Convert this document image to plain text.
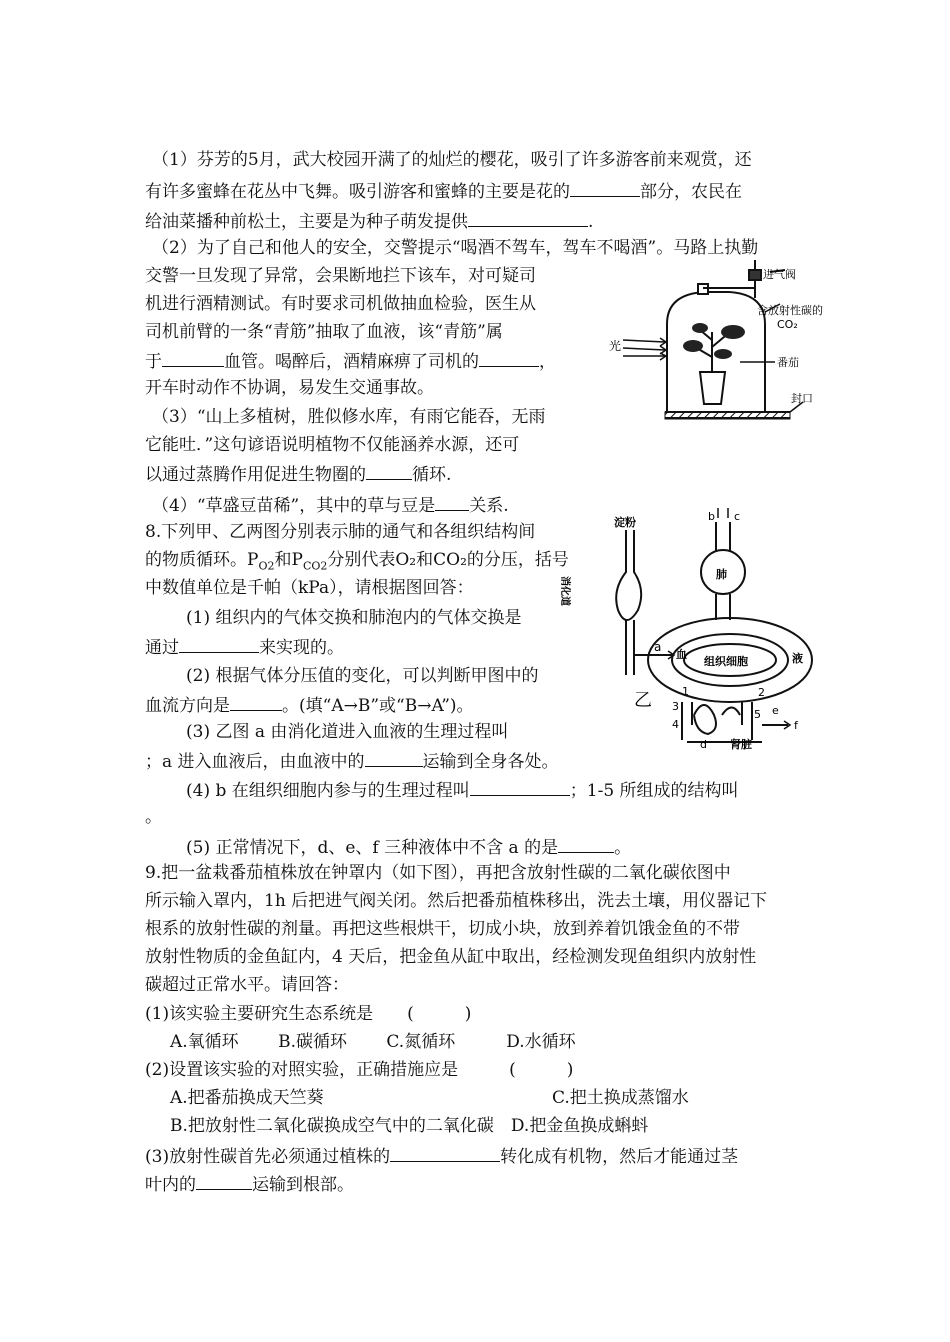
（1）芬芳的5月，武大校园开满了的灿烂的樱花，吸引了许多游客前来观赏，还
有许多蜜蜂在花丛中飞舞。吸引游客和蜜蜂的主要是花的	部分，农民在
给油菜播种前松土，主要是为种子萌发提供	.
（2）为了自己和他人的安全，交警提示“喝酒不驾车，驾车不喝酒”。马路上执勤
交警一旦发现了异常，会果断地拦下该车，对可疑司
机进行酒精测试。有时要求司机做抽血检验，医生从
司机前臂的一条“青筋”抽取了血液，该“青筋”属
于	血管。喝醉后，酒精麻痹了司机的	，
开车时动作不协调，易发生交通事故。
（3）“山上多植树，胜似修水库，有雨它能吞，无雨
它能吐．”这句谚语说明植物不仅能涵养水源，还可
以通过蒸腾作用促进生物圈的	循环.
（4）“草盛豆苗稀”，其中的草与豆是 关系.
8.下列甲、乙两图分别表示肺的通气和各组织结构间
的物质循环。$P_{O2}$和$P_{CO2}$分别代表O₂和CO₂的分压，括号
中数值单位是千帕（kPa），请根据图回答：
(1) 组织内的气体交换和肺泡内的气体交换是
通过	来实现的。
(2) 根据气体分压值的变化，可以判断甲图中的
血流方向是	。(填“A→B”或“B→A”)。
(3) 乙图 a 由消化道进入血液的生理过程叫
；a 进入血液后，由血液中的	运输到全身各处。
(4) b 在组织细胞内参与的生理过程叫	；1-5 所组成的结构叫
。
(5) 正常情况下，d、e、f 三种液体中不含 a 的是	。
9.把一盆栽番茄植株放在钟罩内（如下图），再把含放射性碳的二氧化碳依图中
所示输入罩内，1h 后把进气阀关闭。然后把番茄植株移出，洗去土壤，用仪器记下
根系的放射性碳的剂量。再把这些根烘干，切成小块，放到养着饥饿金鱼的不带
放射性物质的金鱼缸内，4 天后，把金鱼从缸中取出，经检测发现鱼组织内放射性
碳超过正常水平。请回答：
(1)该实验主要研究生态系统是　　(　　　)
A.氧循环　　 B.碳循环　　 C.氮循环　　　D.水循环
(2)设置该实验的对照实验，正确措施应是　　　(　　　)
A.把番茄换成天竺葵	C.把土换成蒸馏水
B.把放射性二氧化碳换成空气中的二氧化碳　D.把金鱼换成蝌蚪
(3)放射性碳首先必须通过植株的	转化成有机物，然后才能通过茎
叶内的	运输到根部。
进气阀
含放射性碳的
CO₂
光
番茄
封口
淀粉
消化道
b c
肺
a
血
组织细胞	液
1	2
3
4
5 e
f
d 肾脏
乙
